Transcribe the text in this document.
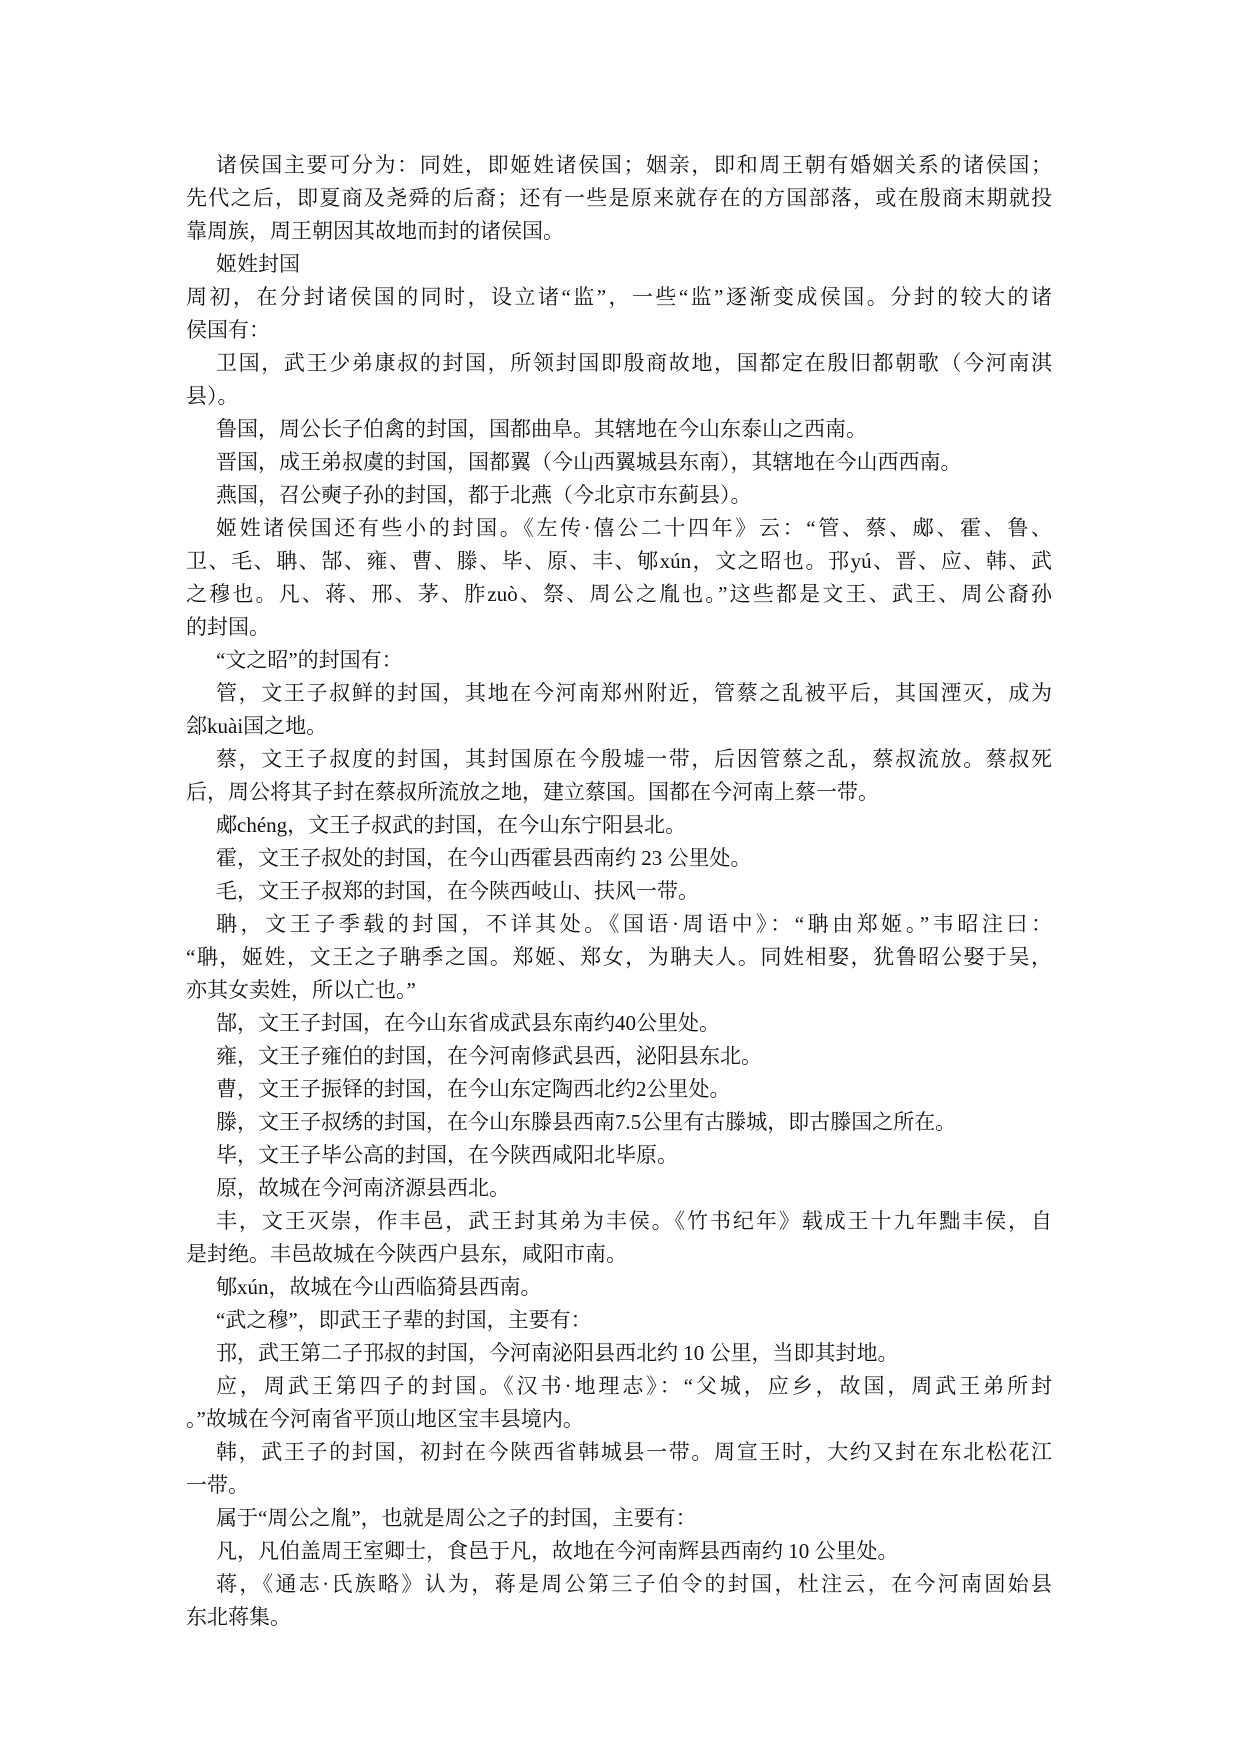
诸侯国主要可分为：同姓，即姬姓诸侯国；姻亲，即和周王朝有婚姻关系的诸侯国；
先代之后，即夏商及尧舜的后裔；还有一些是原来就存在的方国部落，或在殷商末期就投
靠周族，周王朝因其故地而封的诸侯国。
姬姓封国
周初，在分封诸侯国的同时，设立诸“监”，一些“监”逐渐变成侯国。分封的较大的诸
侯国有：
卫国，武王少弟康叔的封国，所领封国即殷商故地，国都定在殷旧都朝歌（今河南淇
县）。
鲁国，周公长子伯禽的封国，国都曲阜。其辖地在今山东泰山之西南。
晋国，成王弟叔虞的封国，国都翼（今山西翼城县东南），其辖地在今山西西南。
燕国，召公奭子孙的封国，都于北燕（今北京市东蓟县）。
姬姓诸侯国还有些小的封国。《左传·僖公二十四年》云：“管、蔡、郕、霍、鲁、
卫、毛、聃、郜、雍、曹、滕、毕、原、丰、郇xún，文之昭也。邘yú、晋、应、韩、武
之穆也。凡、蒋、邢、茅、胙zuò、祭、周公之胤也。”这些都是文王、武王、周公裔孙
的封国。
“文之昭”的封国有：
管，文王子叔鲜的封国，其地在今河南郑州附近，管蔡之乱被平后，其国湮灭，成为
郐kuài国之地。
蔡，文王子叔度的封国，其封国原在今殷墟一带，后因管蔡之乱，蔡叔流放。蔡叔死
后，周公将其子封在蔡叔所流放之地，建立蔡国。国都在今河南上蔡一带。
郕chéng，文王子叔武的封国，在今山东宁阳县北。
霍，文王子叔处的封国，在今山西霍县西南约 23 公里处。
毛，文王子叔郑的封国，在今陕西岐山、扶风一带。
聃，文王子季载的封国，不详其处。《国语·周语中》：“聃由郑姬。”韦昭注曰：
“聃，姬姓，文王之子聃季之国。郑姬、郑女，为聃夫人。同姓相娶，犹鲁昭公娶于吴，
亦其女卖姓，所以亡也。”
郜，文王子封国，在今山东省成武县东南约40公里处。
雍，文王子雍伯的封国，在今河南修武县西，泌阳县东北。
曹，文王子振铎的封国，在今山东定陶西北约2公里处。
滕，文王子叔绣的封国，在今山东滕县西南7.5公里有古滕城，即古滕国之所在。
毕，文王子毕公高的封国，在今陕西咸阳北毕原。
原，故城在今河南济源县西北。
丰，文王灭崇，作丰邑，武王封其弟为丰侯。《竹书纪年》载成王十九年黜丰侯，自
是封绝。丰邑故城在今陕西户县东，咸阳市南。
郇xún，故城在今山西临猗县西南。
“武之穆”，即武王子辈的封国，主要有：
邘，武王第二子邘叔的封国，今河南泌阳县西北约 10 公里，当即其封地。
应，周武王第四子的封国。《汉书·地理志》：“父城，应乡，故国，周武王弟所封
。”故城在今河南省平顶山地区宝丰县境内。
韩，武王子的封国，初封在今陕西省韩城县一带。周宣王时，大约又封在东北松花江
一带。
属于“周公之胤”，也就是周公之子的封国，主要有：
凡，凡伯盖周王室卿士，食邑于凡，故地在今河南辉县西南约 10 公里处。
蒋，《通志·氏族略》认为，蒋是周公第三子伯令的封国，杜注云，在今河南固始县
东北蒋集。
